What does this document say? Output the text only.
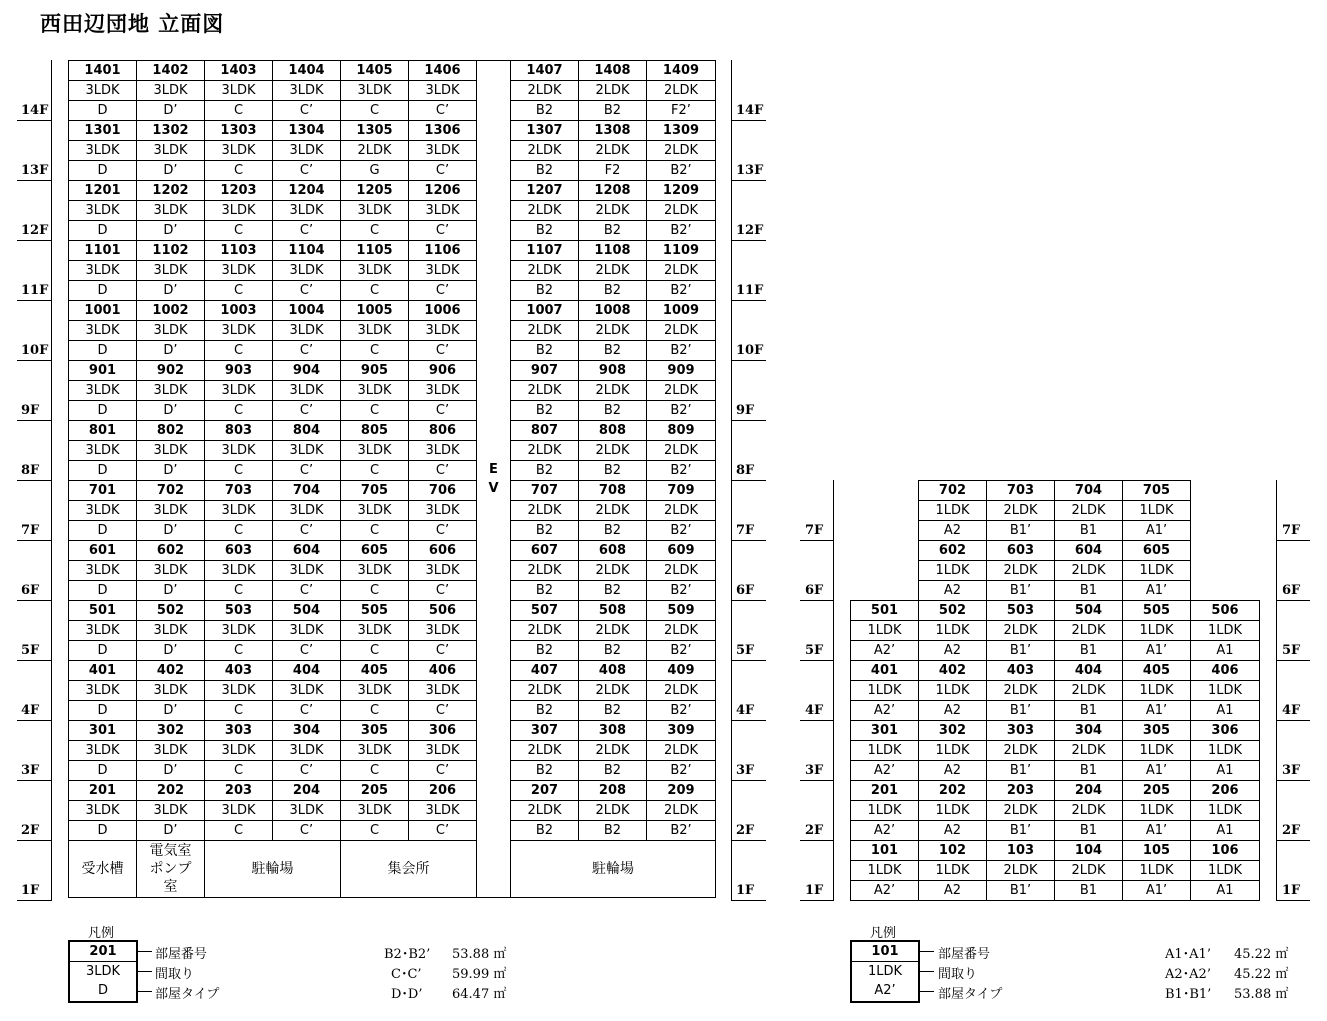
西田辺団地 立面図
1401	1402	1403	1404	1405	1406	EV	1407	1408	1409
3LDK	3LDK	3LDK	3LDK	3LDK	3LDK		2LDK	2LDK	2LDK
D	D’	C	C’	C	C’		B2	B2	F2’
1301	1302	1303	1304	1305	1306		1307	1308	1309
3LDK	3LDK	3LDK	3LDK	2LDK	3LDK		2LDK	2LDK	2LDK
D	D’	C	C’	G	C’		B2	F2	B2’
1201	1202	1203	1204	1205	1206		1207	1208	1209
3LDK	3LDK	3LDK	3LDK	3LDK	3LDK		2LDK	2LDK	2LDK
D	D’	C	C’	C	C’		B2	B2	B2’
1101	1102	1103	1104	1105	1106		1107	1108	1109
3LDK	3LDK	3LDK	3LDK	3LDK	3LDK		2LDK	2LDK	2LDK
D	D’	C	C’	C	C’		B2	B2	B2’
1001	1002	1003	1004	1005	1006		1007	1008	1009
3LDK	3LDK	3LDK	3LDK	3LDK	3LDK		2LDK	2LDK	2LDK
D	D’	C	C’	C	C’		B2	B2	B2’
901	902	903	904	905	906		907	908	909
3LDK	3LDK	3LDK	3LDK	3LDK	3LDK		2LDK	2LDK	2LDK
D	D’	C	C’	C	C’		B2	B2	B2’
801	802	803	804	805	806		807	808	809
3LDK	3LDK	3LDK	3LDK	3LDK	3LDK		2LDK	2LDK	2LDK
D	D’	C	C’	C	C’		B2	B2	B2’
701	702	703	704	705	706		707	708	709
3LDK	3LDK	3LDK	3LDK	3LDK	3LDK		2LDK	2LDK	2LDK
D	D’	C	C’	C	C’		B2	B2	B2’
601	602	603	604	605	606		607	608	609
3LDK	3LDK	3LDK	3LDK	3LDK	3LDK		2LDK	2LDK	2LDK
D	D’	C	C’	C	C’		B2	B2	B2’
501	502	503	504	505	506		507	508	509
3LDK	3LDK	3LDK	3LDK	3LDK	3LDK		2LDK	2LDK	2LDK
D	D’	C	C’	C	C’		B2	B2	B2’
401	402	403	404	405	406		407	408	409
3LDK	3LDK	3LDK	3LDK	3LDK	3LDK		2LDK	2LDK	2LDK
D	D’	C	C’	C	C’		B2	B2	B2’
301	302	303	304	305	306		307	308	309
3LDK	3LDK	3LDK	3LDK	3LDK	3LDK		2LDK	2LDK	2LDK
D	D’	C	C’	C	C’		B2	B2	B2’
201	202	203	204	205	206		207	208	209
3LDK	3LDK	3LDK	3LDK	3LDK	3LDK		2LDK	2LDK	2LDK
D	D’	C	C’	C	C’		B2	B2	B2’
受水槽	電気室ポンプ室	駐輪場		集会所			駐輪場		

	702	703	704	705	
	1LDK	2LDK	2LDK	1LDK	
	A2	B1’	B1	A1’	
	602	603	604	605	
	1LDK	2LDK	2LDK	1LDK	
	A2	B1’	B1	A1’	
501	502	503	504	505	506
1LDK	1LDK	2LDK	2LDK	1LDK	1LDK
A2’	A2	B1’	B1	A1’	A1
401	402	403	404	405	406
1LDK	1LDK	2LDK	2LDK	1LDK	1LDK
A2’	A2	B1’	B1	A1’	A1
301	302	303	304	305	306
1LDK	1LDK	2LDK	2LDK	1LDK	1LDK
A2’	A2	B1’	B1	A1’	A1
201	202	203	204	205	206
1LDK	1LDK	2LDK	2LDK	1LDK	1LDK
A2’	A2	B1’	B1	A1’	A1
101	102	103	104	105	106
1LDK	1LDK	2LDK	2LDK	1LDK	1LDK
A2’	A2	B1’	B1	A1’	A1
14F	14F
13F	13F
12F	12F
11F	11F
10F	10F
9F	9F
8F	8F
7F	7F
6F	6F
5F	5F
4F	4F
3F	3F
2F	2F
1F	1F
7F	7F
6F	6F
5F	5F
4F	4F
3F	3F
2F	2F
1F	1F
凡例
201
3LDK
D
部屋番号
間取り
部屋タイプ
B2･B2’ 53.88 ㎡
C･C’ 59.99 ㎡
D･D’ 64.47 ㎡
凡例
101
1LDK
A2’
部屋番号
間取り
部屋タイプ
A1･A1’ 45.22 ㎡
A2･A2’ 45.22 ㎡
B1･B1’ 53.88 ㎡
